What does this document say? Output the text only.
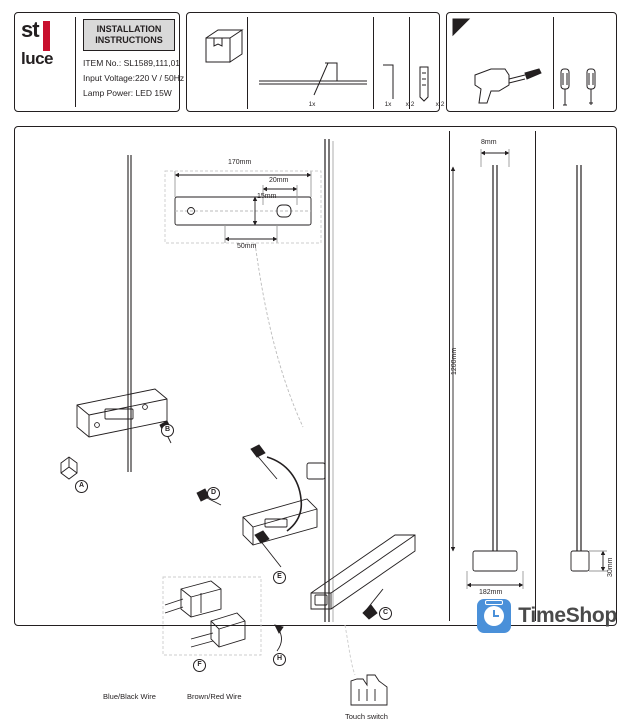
st
luce
INSTALLATION
INSTRUCTIONS
ITEM No.: SL1589,111,01
Input Voltage:220 V / 50Hz
Lamp Power: LED 15W
1x	1x	x 2	x 2
170mm
20mm
15mm
50mm
8mm
1200mm
182mm
30mm
A
B
D
E
F
C
H
Blue/Black Wire	Brown/Red Wire
Touch switch
TimeShop
